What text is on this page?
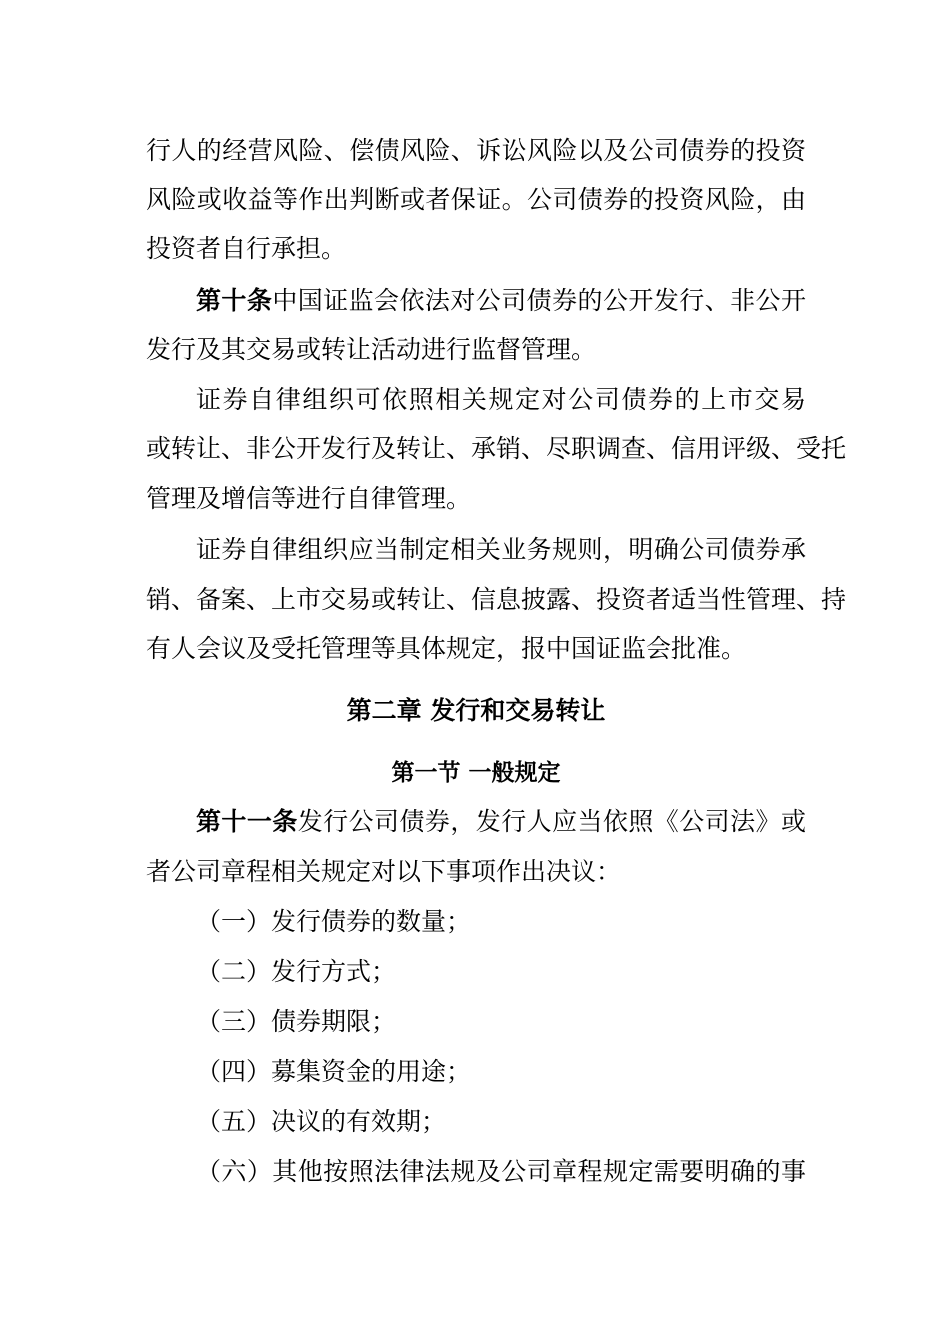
行人的经营风险、偿债风险、诉讼风险以及公司债券的投资
风险或收益等作出判断或者保证。公司债券的投资风险，由
投资者自行承担。
第十条中国证监会依法对公司债券的公开发行、非公开
发行及其交易或转让活动进行监督管理。
证券自律组织可依照相关规定对公司债券的上市交易
或转让、非公开发行及转让、承销、尽职调查、信用评级、受托
管理及增信等进行自律管理。
证券自律组织应当制定相关业务规则，明确公司债券承
销、备案、上市交易或转让、信息披露、投资者适当性管理、持
有人会议及受托管理等具体规定，报中国证监会批准。
第二章 发行和交易转让
第一节 一般规定
第十一条发行公司债券，发行人应当依照《公司法》或
者公司章程相关规定对以下事项作出决议：
（一）发行债券的数量；
（二）发行方式；
（三）债券期限；
（四）募集资金的用途；
（五）决议的有效期；
（六）其他按照法律法规及公司章程规定需要明确的事
